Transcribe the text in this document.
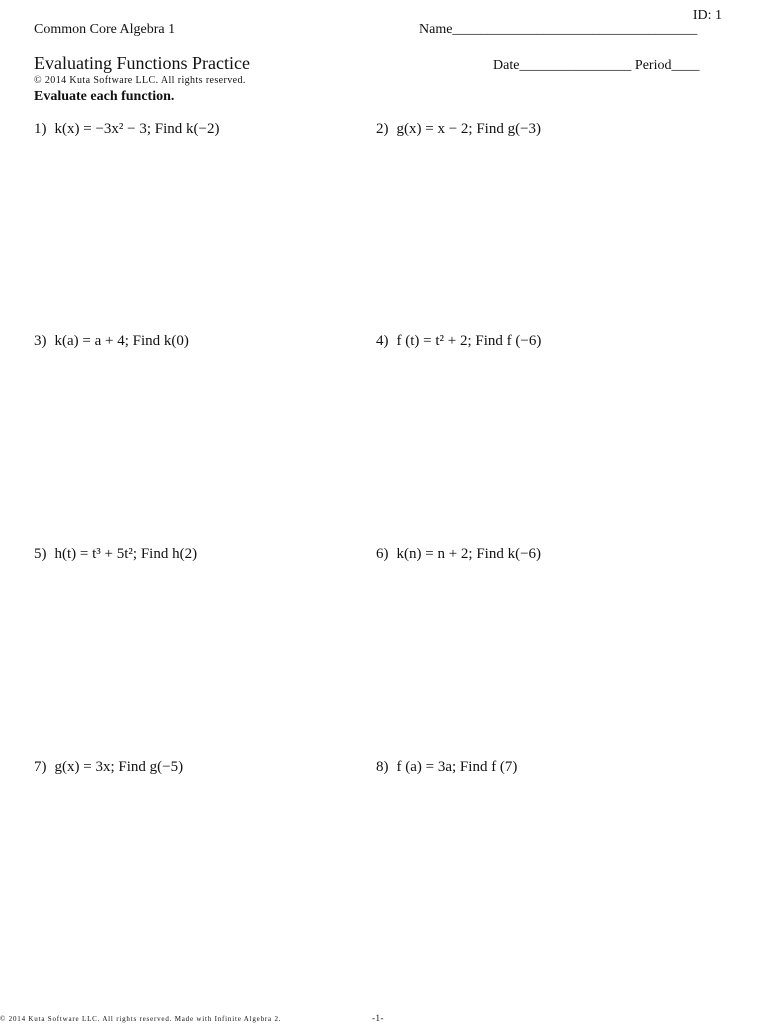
ID: 1
Common Core Algebra 1	Name___________________________________
Evaluating Functions Practice	Date________________ Period____
© 2014 Kuta Software LLC. All rights reserved.
Evaluate each function.
1) k(x) = −3x² − 3; Find k(−2)	2) g(x) = x − 2; Find g(−3)
3) k(a) = a + 4; Find k(0)	4) f (t) = t² + 2; Find f (−6)
5) h(t) = t³ + 5t²; Find h(2)	6) k(n) = n + 2; Find k(−6)
7) g(x) = 3x; Find g(−5)	8) f (a) = 3a; Find f (7)
© 2014 Kuta Software LLC. All rights reserved. Made with Infinite Algebra 2.	-1-
